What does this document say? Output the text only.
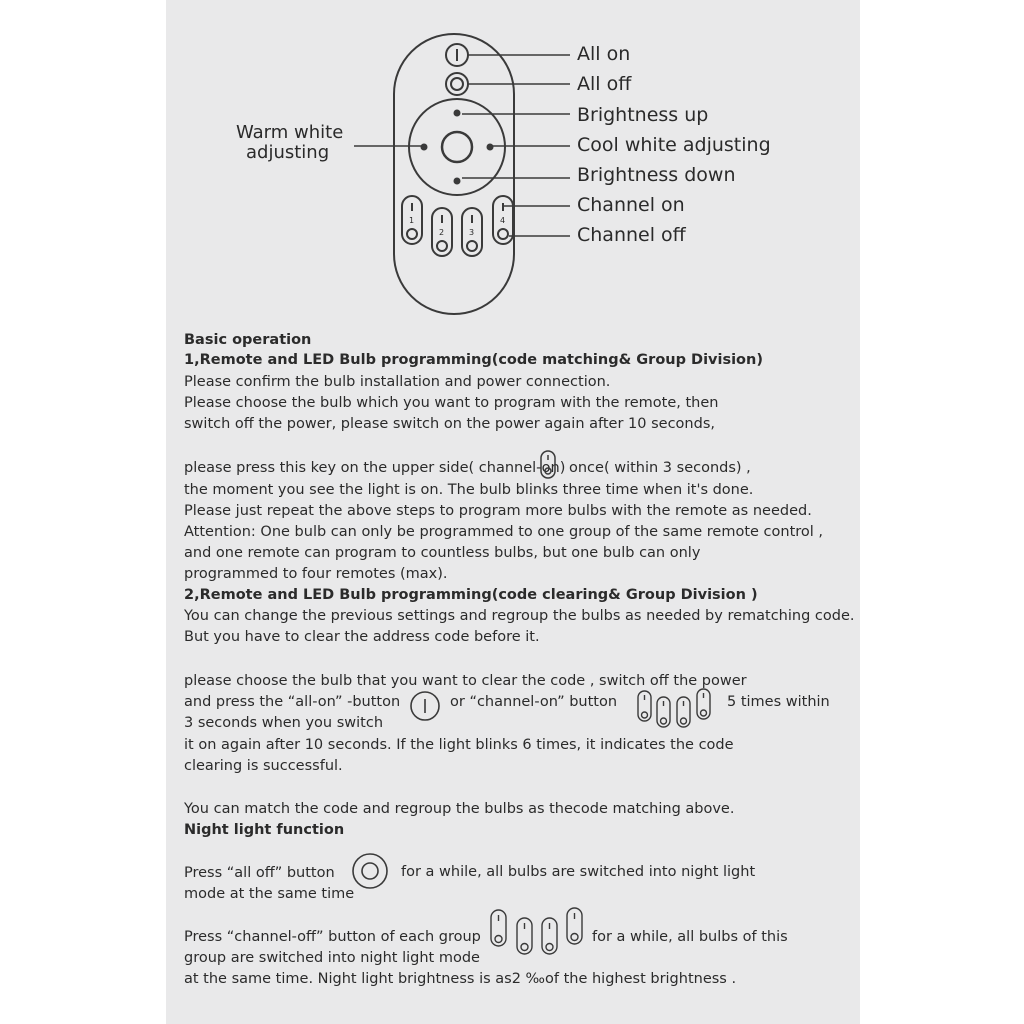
All on
All off
Brightness up
Cool white adjusting
Brightness down
Channel on
Channel off
Warm white
adjusting
Basic operation
1,Remote and LED Bulb programming(code matching& Group Division)
Please confirm the bulb installation and power connection.
Please choose the bulb which you want to program with the remote, then
switch off the power, please switch on the power again after 10 seconds,
please press this key on the upper side( channel-on) once( within 3 seconds) ,
the moment you see the light is on. The bulb blinks three time when it's done.
Please just repeat the above steps to program more bulbs with the remote as needed.
Attention: One bulb can only be programmed to one group of the same remote control ,
and one remote can program to countless bulbs, but one bulb can only
programmed to four remotes (max).
2,Remote and LED Bulb programming(code clearing& Group Division )
You can change the previous settings and regroup the bulbs as needed by rematching code.
But you have to clear the address code before it.
please choose the bulb that you want to clear the code , switch off the power
and press the “all-on” -button	or “channel-on” button	5 times within
3 seconds when you switch
it on again after 10 seconds. If the light blinks 6 times, it indicates the code
clearing is successful.
You can match the code and regroup the bulbs as thecode matching above.
Night light function
Press “all off” button	for a while, all bulbs are switched into night light
mode at the same time
Press “channel-off” button of each group	for a while, all bulbs of this
group are switched into night light mode
at the same time. Night light brightness is as2 ‰of the highest brightness .
1
2	3
4
